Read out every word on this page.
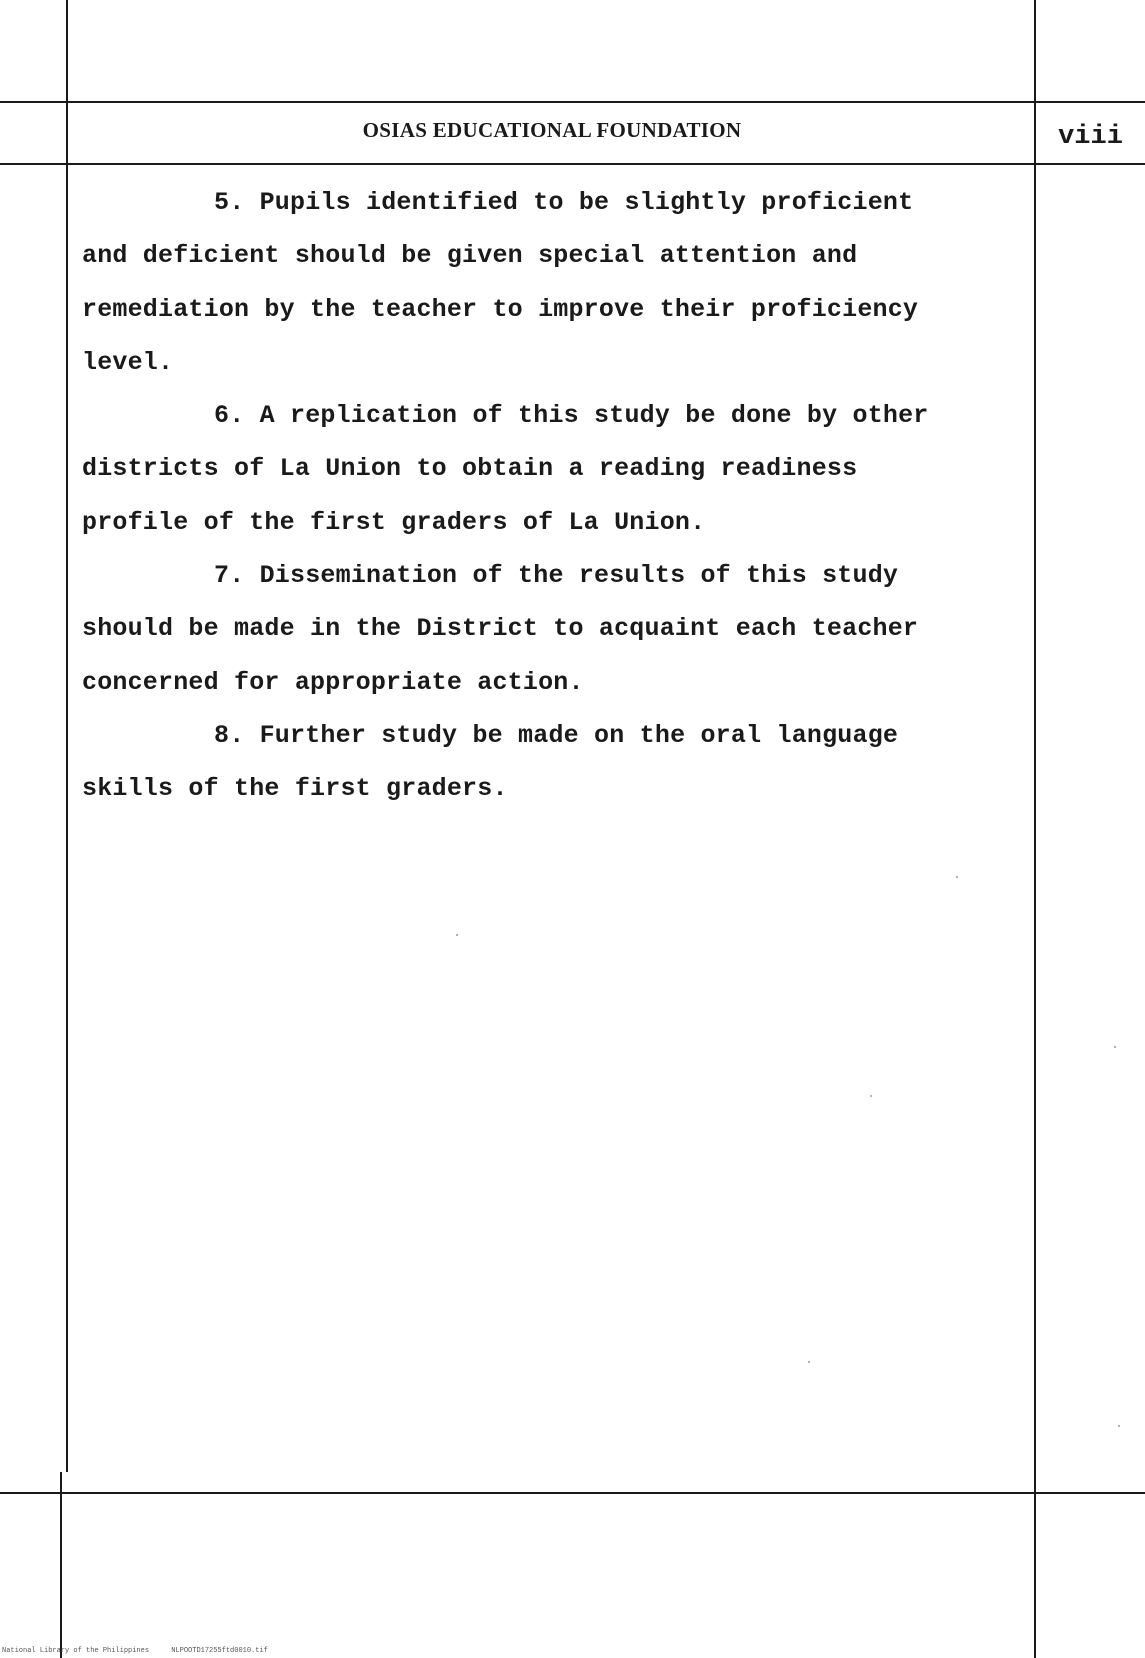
OSIAS EDUCATIONAL FOUNDATION	viii

5. Pupils identified to be slightly proficient
and deficient should be given special attention and
remediation by the teacher to improve their proficiency
level.

6. A replication of this study be done by other
districts of La Union to obtain a reading readiness
profile of the first graders of La Union.

7. Dissemination of the results of this study
should be made in the District to acquaint each teacher
concerned for appropriate action.

8. Further study be made on the oral language
skills of the first graders.

National Library of the Philippines	NLPOOTD17255ftd0010.tif
